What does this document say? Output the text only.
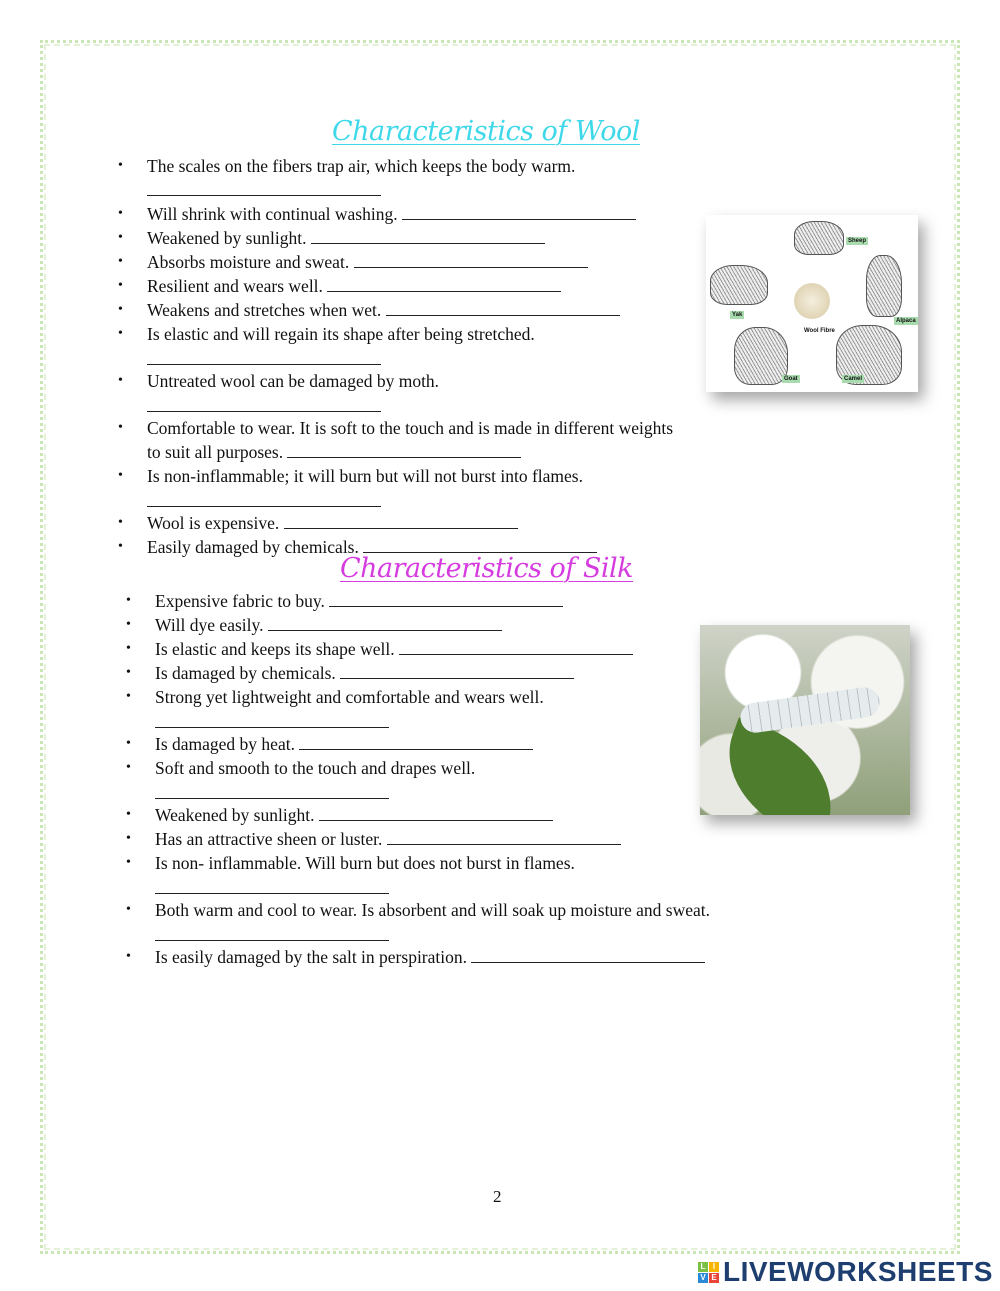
Characteristics of Wool
• The scales on the fibers trap air, which keeps the body warm.
• Will shrink with continual washing.
• Weakened by sunlight.
• Absorbs moisture and sweat.
• Resilient and wears well.
• Weakens and stretches when wet.
• Is elastic and will regain its shape after being stretched.
• Untreated wool can be damaged by moth.
• Comfortable to wear. It is soft to the touch and is made in different weights to suit all purposes.
• Is non-inflammable; it will burn but will not burst into flames.
• Wool is expensive.
• Easily damaged by chemicals.
Sheep
Yak
Alpaca
Wool Fibre
Goat	Camel
Characteristics of Silk
• Expensive fabric to buy.
• Will dye easily.
• Is elastic and keeps its shape well.
• Is damaged by chemicals.
• Strong yet lightweight and comfortable and wears well.
• Is damaged by heat.
• Soft and smooth to the touch and drapes well.
• Weakened by sunlight.
• Has an attractive sheen or luster.
• Is non- inflammable. Will burn but does not burst in flames.
• Both warm and cool to wear. Is absorbent and will soak up moisture and sweat.
• Is easily damaged by the salt in perspiration.
2
L I
V E LIVEWORKSHEETS
